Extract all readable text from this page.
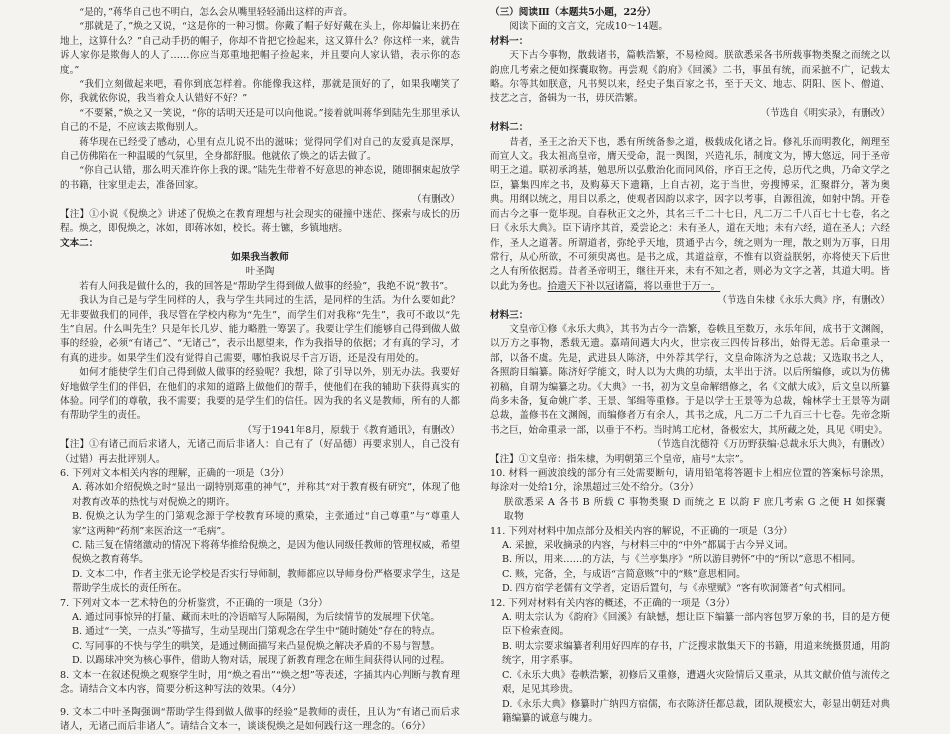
“是的，”蒋华自己也不明白，怎么会从嘴里轻轻涌出这样的声音。

“那就是了，”焕之又说，“这是你的一种习惯。你戴了帽子好好戴在头上，你却偏让来扔在地上，这算什么？”自己动手扔的帽子，你却不肯把它捡起来，这又算什么？你这样一来，就告诉人家你是欺侮人的人了……你应当郑重地把帽子捡起来，并且要向人家认错，表示你的态度。”

“我们立刻做起来吧，看你到底怎样着。你能像我这样，那就是顶好的了，如果我嘲笑了你，我就依你说，我当着众人认错好不好？”

“不要紧，”焕之又一笑说，“你的话明天还是可以向他说。”接着就叫蒋华到陆先生那里承认自己的不是，不应该去欺侮别人。

蒋华现在已经受了感动，心里有点儿说不出的滋味；觉得同学们对自己的友爱真是深厚，自己仿佛陷在一种温暖的气氛里，全身都舒服。他就依了焕之的话去做了。

“你自己认错，那么明天准许你上我的课。”陆先生带着不好意思的神态说，随即捆束起放学的书籍，往家里走去，准备回家。

（有删改）

【注】①小说《倪焕之》讲述了倪焕之在教育理想与社会现实的碰撞中迷茫、探索与成长的历程。焕之，即倪焕之，冰如，即蒋冰如，校长。蒋士镳，乡镇地痞。

文本二：
如果我当教师
叶圣陶

若有人问我是做什么的，我的回答是“帮助学生得到做人做事的经验”，我绝不说“教书”。

我认为自己是与学生同样的人，我与学生共同过的生活，是同样的生活。为什么要如此？无非要做我们的同伴，我尽管在学校内称为“先生”，而学生们对我称“先生”，我可不敢以“先生”自居。什么叫先生？只是年长几岁、能力略胜一筹罢了。我要让学生们能够自己得到做人做事的经验，必须“有诸己”、“无诸己”，表示出愿望来，作为我指导的依据；才有真的学习，才有真的进步。如果学生们没有觉得自己需要，哪怕我说尽千言万语，还是没有用处的。

如何才能使学生们自己得到做人做事的经验呢？我想，除了引导以外，别无办法。我要好好地做学生们的伴侣，在他们的求知的道路上做他们的帮手，使他们在我的辅助下获得真实的体验。同学们的尊敬，我不需要；我要的是学生们的信任。因为我的名义是教师，所有的人都有帮助学生的责任。

（写于1941年8月，原载于《教育通讯》，有删改）

【注】①有诸己而后求诸人，无诸己而后非诸人：自己有了（好品德）再要求别人，自己没有（过错）再去批评别人。

6. 下列对文本相关内容的理解，正确的一项是（3分）

A. 蒋冰如介绍倪焕之时“显出一副特别郑重的神气”，并称其“对于教育极有研究”，体现了他对教育改革的热忱与对倪焕之的期许。

B. 倪焕之认为学生的门第观念源于学校教育环境的熏染，主张通过“自己尊重”与“尊重人家”这两种“药剂”来医治这一“毛病”。

C. 陆三复在情绪激动的情况下将蒋华推给倪焕之，是因为他认同级任教师的管理权威，希望倪焕之教育蒋华。

D. 文本二中，作者主张无论学校是否实行导师制，教师都应以导师身份严格要求学生，这是帮助学生成长的责任所在。

7. 下列对文本一艺术特色的分析鉴赏，不正确的一项是（3分）

A. 通过同事惊异的打量、藏而未吐的冷语暗写人际隔阂，为后续情节的发展埋下伏笔。

B. 通过“一笑，一点头”等描写，生动呈现出门第观念在学生中“随时随处”存在的特点。

C. 写同事的不快与学生的哄笑，是通过侧面描写来凸显倪焕之解决矛盾的不易与智慧。

D. 以踢球冲突为核心事件，借助人物对话，展现了新教育理念在师生间获得认同的过程。

8. 文本一在叙述倪焕之观察学生时，用“焕之看出”“焕之想”等表述，字插其内心判断与教育理念。请结合文本内容，简要分析这种写法的效果。（4分）

9. 文本二中叶圣陶强调“帮助学生得到做人做事的经验”是教师的责任，且认为“有诸己而后求诸人，无诸己而后非诸人”。请结合文本一，谈谈倪焕之是如何践行这一理念的。（6分）

（三）阅读Ⅲ（本题共5小题，22分）

阅读下面的文言文，完成10～14题。

材料一：

天下古今事物，散载诸书，篇帙浩繁，不易检阅。朕欲悉采各书所载事物类聚之而统之以韵庶几考索之便如探囊取物。再尝观《韵府》《回溪》二书，事虽有统，而采摭不广，记载太略。尔等其如朕意，凡书契以来，经史子集百家之书，至于天文、地志、阴阳、医卜、僧道、技艺之言，备辑为一书，毋厌浩繁。

（节选自《明实录》，有删改）
材料二：

昔者，圣王之治天下也，悉有所统备参之道，极载成化诸之旨。修礼乐而明教化，阐理至而宣人文。我太祖高皇帝，膺天受命，混一舆图，兴造礼乐，制度文为，博大悠远，同于圣帝明王之道。联初承鸿基，勉思所以弘敷治化而同风俗，序百王之传，总历代之典，乃命文学之臣，纂集四库之书，及购募天下遗籍，上自古初，迄于当世，旁搜博采，汇聚群分，著为奥典。用纲以统之，用目以系之，使观者因韵以求字，因字以考事，自源徂流，如射中鹄。开卷而古今之事一览毕现。自春秋正文之外，其名三千二十七日，凡二万二千八百七十七卷，名之曰《永乐大典》。臣下请序其首，爰尝论之：未有圣人，道在天地；未有六经，道在圣人；六经作，圣人之道著。所谓道者，弥纶乎天地，贯通乎古今，统之则为一理，散之则为万事，日用常行，从心所欲，不可须臾离也。是书之成，其道益章，不惟有以资益朕躬，亦将使天下后世之人有所依据焉。昔者圣帝明王，继往开来，未有不知之者，则必为文字之著，其道大明。皆以此为务也。拾遗天下补以冠诸篇，将以垂世于万一。

（节选自朱棣《永乐大典》序，有删改）
材料三：

文皇帝①修《永乐大典》，其书为古今一浩繁，卷帙且至数万，永乐年间，成书于文渊阁，以万方之事物，悉载无遗。嘉靖间遇大内火，世宗夜三四传旨移出，始得无恙。后命重录一部，以备不虞。先是，武进县人陈济，中外荐其学行，文皇命陈济为之总裁；又选取书之人，各照韵目编纂。陈济好学能文，时人以为大典的功绩，太半出于济。以后所编修，或以为仿佛初稿，自谓为编纂之功。《大典》一书，初为文皇命解缙修之，名《文献大成》，后文皇以所纂尚多未备，复命姚广孝、王景、邹缉等重修。于是以学士王景等为总裁，翰林学士王景等为副总裁，盖修书在文渊阁，而编修者万有余人，其书之成，凡二万二千九百三十七卷。先帝念斯书之巨，始命重录一部，以垂于不朽。当时鸠工庀材，备极宏大，其所藏之处，具见《明史》。

（节选自沈德符《万历野获编·总裁永乐大典》，有删改）

【注】①文皇帝：指朱棣，为明朝第三个皇帝，庙号“太宗”。

10. 材料一画波浪线的部分有三处需要断句，请用铅笔将答题卡上相应位置的答案标号涂黑，每涂对一处给1分，涂黑超过三处不给分。（3分）

朕欲悉采 A 各书 B 所载 C 事物类聚 D 而统之 E 以韵 F 庶几考索 G 之便 H 如探囊取物

11. 下列对材料中加点部分及相关内容的解说，不正确的一项是（3分）

A. 采摭，采收摘录的内容，与材料三中的“中外”都属于古今异义词。

B. 所以，用来……的方法，与《兰亭集序》“所以游目骋怀”中的“所以”意思不相同。

C. 赅，完备，全，与成语“言简意赅”中的“赅”意思相同。

D. 四方宿学老儒有文学者，定语后置句，与《赤壁赋》“客有吹洞箫者”句式相同。

12. 下列对材料有关内容的概述，不正确的一项是（3分）

A. 明太宗认为《韵府》《回溪》有缺憾，想让臣下编纂一部内容包罗万象的书，目的是方便臣下检索查阅。

B. 明太宗要求编纂者利用好四库的存书，广泛搜求散集天下的书籍，用道来统摄贯通，用韵统字，用字系事。

C.《永乐大典》卷帙浩繁，初修后又重修，遭遇火灾险情后又重录，从其文献价值与流传之艰，足见其珍贵。

D.《永乐大典》修纂时广纳四方宿儒，布衣陈济任都总裁，团队规模宏大，彰显出朝廷对典籍编纂的诚意与魄力。
